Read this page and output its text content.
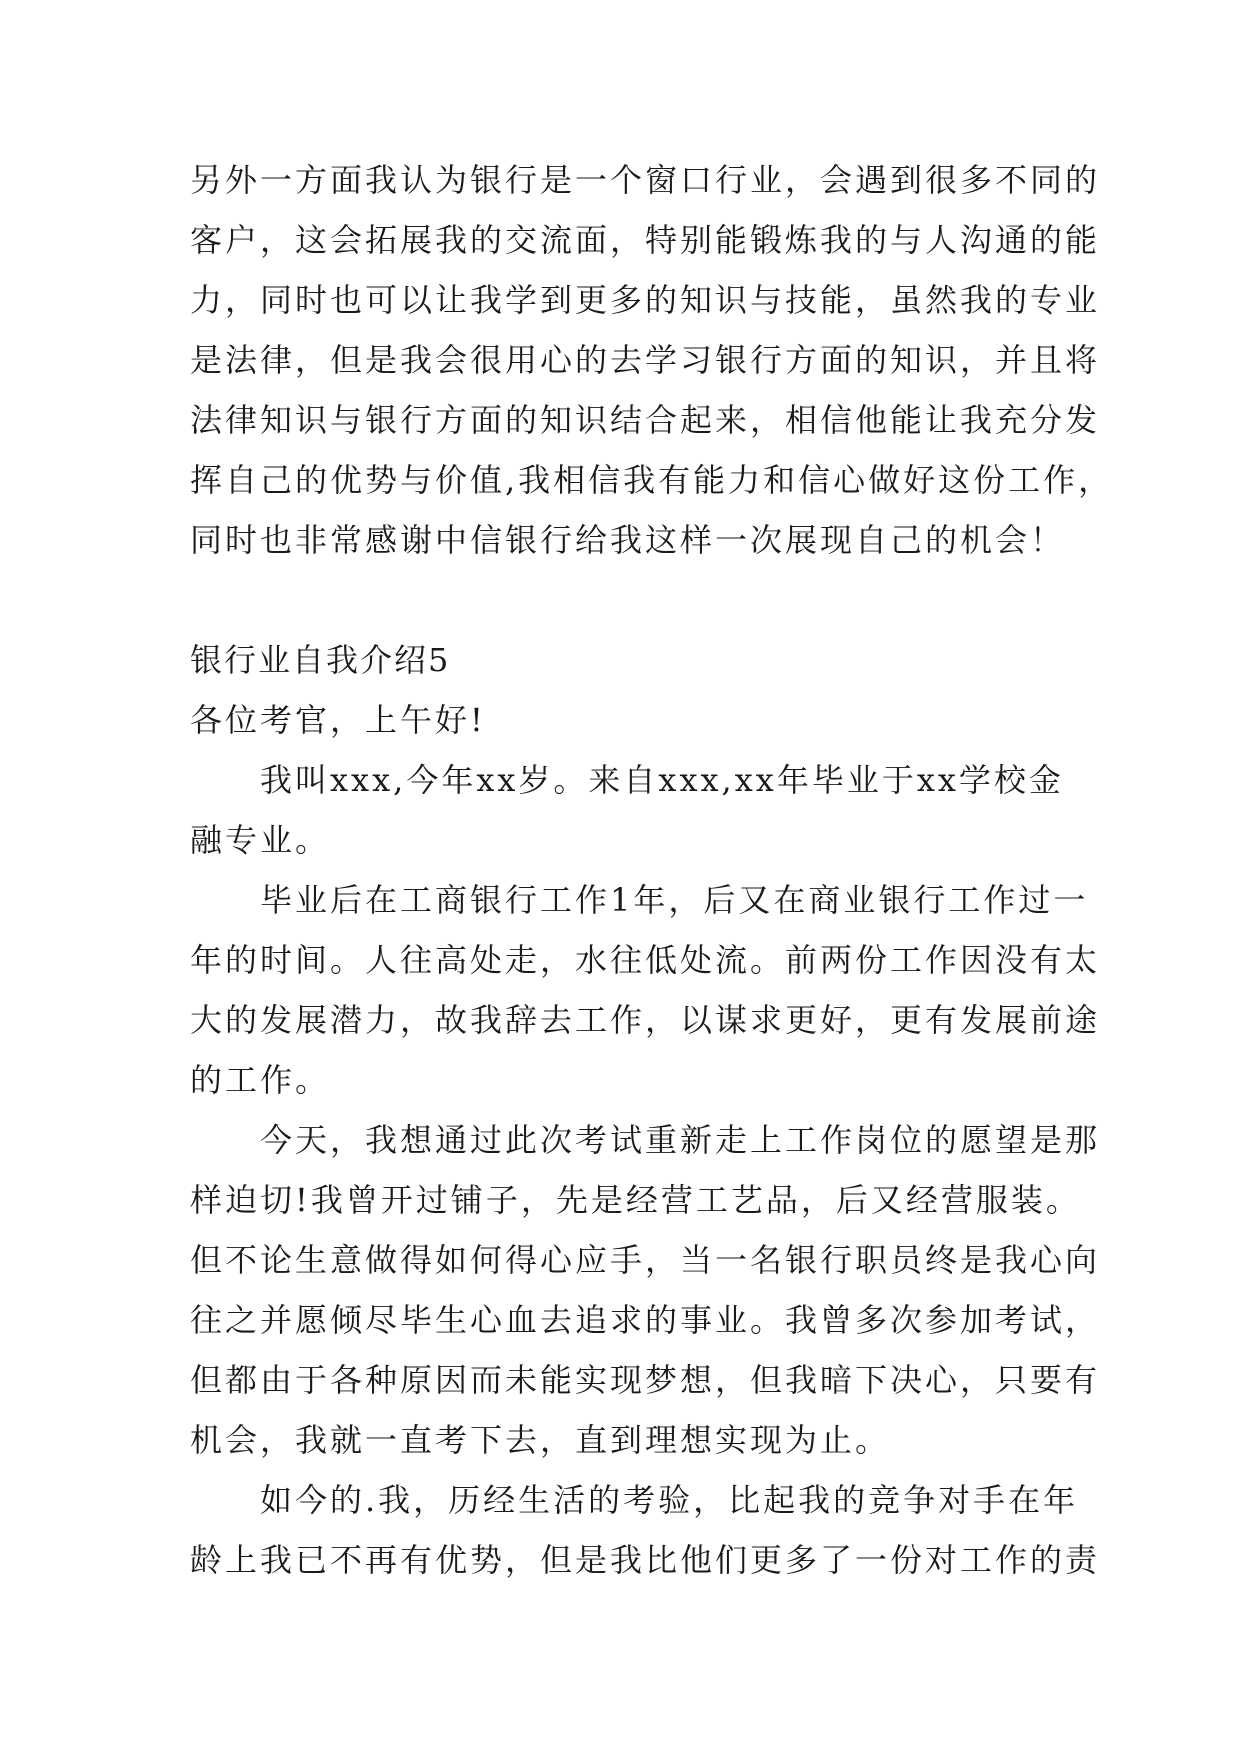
另外一方面我认为银行是一个窗口行业，会遇到很多不同的
客户，这会拓展我的交流面，特别能锻炼我的与人沟通的能
力，同时也可以让我学到更多的知识与技能，虽然我的专业
是法律，但是我会很用心的去学习银行方面的知识，并且将
法律知识与银行方面的知识结合起来，相信他能让我充分发
挥自己的优势与价值,我相信我有能力和信心做好这份工作，
同时也非常感谢中信银行给我这样一次展现自己的机会！
银行业自我介绍5
各位考官，上午好!
我叫xxx,今年xx岁。来自xxx,xx年毕业于xx学校金
融专业。
毕业后在工商银行工作1年，后又在商业银行工作过一
年的时间。人往高处走，水往低处流。前两份工作因没有太
大的发展潜力，故我辞去工作，以谋求更好，更有发展前途
的工作。
今天，我想通过此次考试重新走上工作岗位的愿望是那
样迫切!我曾开过铺子，先是经营工艺品，后又经营服装。
但不论生意做得如何得心应手，当一名银行职员终是我心向
往之并愿倾尽毕生心血去追求的事业。我曾多次参加考试，
但都由于各种原因而未能实现梦想，但我暗下决心，只要有
机会，我就一直考下去，直到理想实现为止。
如今的.我，历经生活的考验，比起我的竞争对手在年
龄上我已不再有优势，但是我比他们更多了一份对工作的责
